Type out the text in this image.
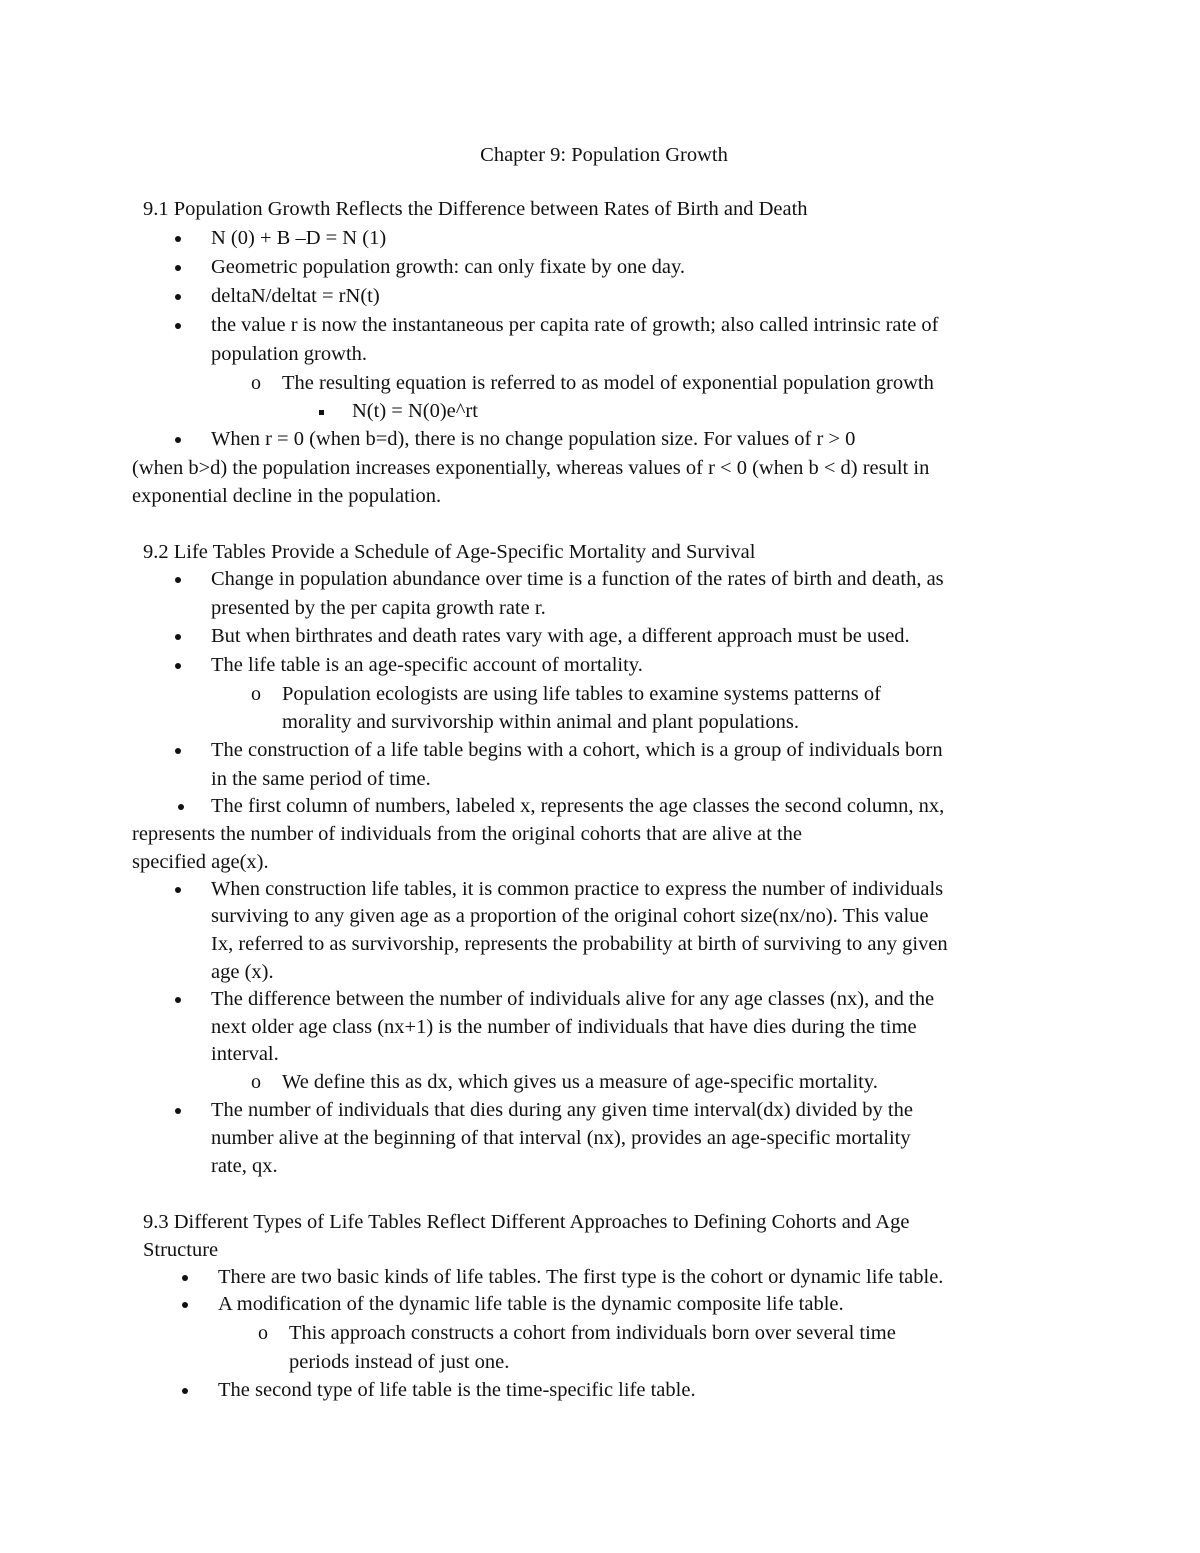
Chapter 9: Population Growth
9.1 Population Growth Reflects the Difference between Rates of Birth and Death
N (0) + B –D = N (1)
Geometric population growth: can only fixate by one day.
deltaN/deltat = rN(t)
the value r is now the instantaneous per capita rate of growth; also called intrinsic rate of
population growth.
o The resulting equation is referred to as model of exponential population growth
N(t) = N(0)e^rt
When r = 0 (when b=d), there is no change population size. For values of r > 0
(when b>d) the population increases exponentially, whereas values of r < 0 (when b < d) result in
exponential decline in the population.
9.2 Life Tables Provide a Schedule of Age-Specific Mortality and Survival
Change in population abundance over time is a function of the rates of birth and death, as
presented by the per capita growth rate r.
But when birthrates and death rates vary with age, a different approach must be used.
The life table is an age-specific account of mortality.
o Population ecologists are using life tables to examine systems patterns of
morality and survivorship within animal and plant populations.
The construction of a life table begins with a cohort, which is a group of individuals born
in the same period of time.
The first column of numbers, labeled x, represents the age classes the second column, nx,
represents the number of individuals from the original cohorts that are alive at the
specified age(x).
When construction life tables, it is common practice to express the number of individuals
surviving to any given age as a proportion of the original cohort size(nx/no). This value
Ix, referred to as survivorship, represents the probability at birth of surviving to any given
age (x).
The difference between the number of individuals alive for any age classes (nx), and the
next older age class (nx+1) is the number of individuals that have dies during the time
interval.
o We define this as dx, which gives us a measure of age-specific mortality.
The number of individuals that dies during any given time interval(dx) divided by the
number alive at the beginning of that interval (nx), provides an age-specific mortality
rate, qx.
9.3 Different Types of Life Tables Reflect Different Approaches to Defining Cohorts and Age
Structure
There are two basic kinds of life tables. The first type is the cohort or dynamic life table.
A modification of the dynamic life table is the dynamic composite life table.
o This approach constructs a cohort from individuals born over several time
periods instead of just one.
The second type of life table is the time-specific life table.
